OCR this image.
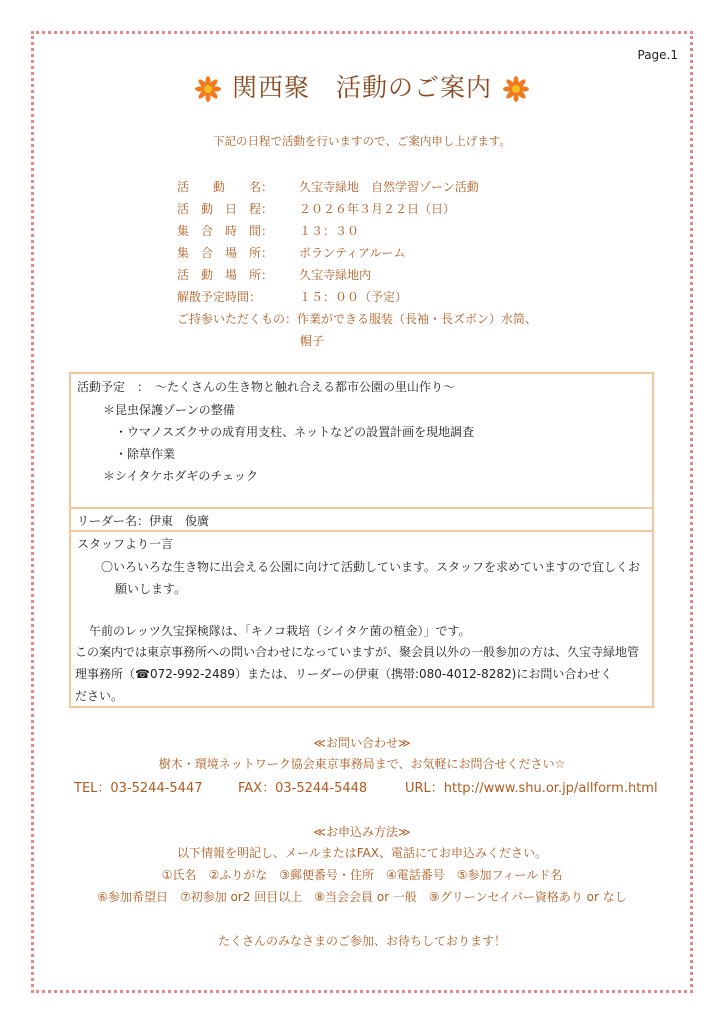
Page.1
関西聚　活動のご案内
下記の日程で活動を行いますので、ご案内申し上げます。
活　　動　　名： 久宝寺緑地　自然学習ゾーン活動
活　動　日　程： ２０２６年３月２２日（日）
集　合　時　間： １３：３０
集　合　場　所： ボランティアルーム
活　動　場　所： 久宝寺緑地内
解散予定時間：	１５：００（予定）
ご持参いただくもの：作業ができる服装（長袖・長ズボン）水筒、
帽子
活動予定　：　～たくさんの生き物と触れ合える都市公園の里山作り～
＊昆虫保護ゾーンの整備
・ウマノスズクサの成育用支柱、ネットなどの設置計画を現地調査
・除草作業
＊シイタケホダギのチェック
リーダー名：伊東　俊廣
スタッフより一言
〇いろいろな生き物に出会える公園に向けて活動しています。スタッフを求めていますので宜しくお
願いします。
午前のレッツ久宝探検隊は、「キノコ栽培（シイタケ菌の植金）」です。
この案内では東京事務所への問い合わせになっていますが、聚会員以外の一般参加の方は、久宝寺緑地管
理事務所（☎072-992-2489）または、リーダーの伊東（携帯:080-4012-8282)にお問い合わせく
ださい。
≪お問い合わせ≫
樹木・環境ネットワーク協会東京事務局まで、お気軽にお問合せください☆
TEL：03-5244-5447	FAX：03-5244-5448	URL：http://www.shu.or.jp/allform.html
≪お申込み方法≫
以下情報を明記し、メールまたはFAX、電話にてお申込みください。
①氏名　②ふりがな　③郵便番号・住所　④電話番号　⑤参加フィールド名
⑥参加希望日　⑦初参加 or2 回目以上　⑧当会会員 or 一般　⑨グリーンセイバー資格あり or なし
たくさんのみなさまのご参加、お待ちしております！
